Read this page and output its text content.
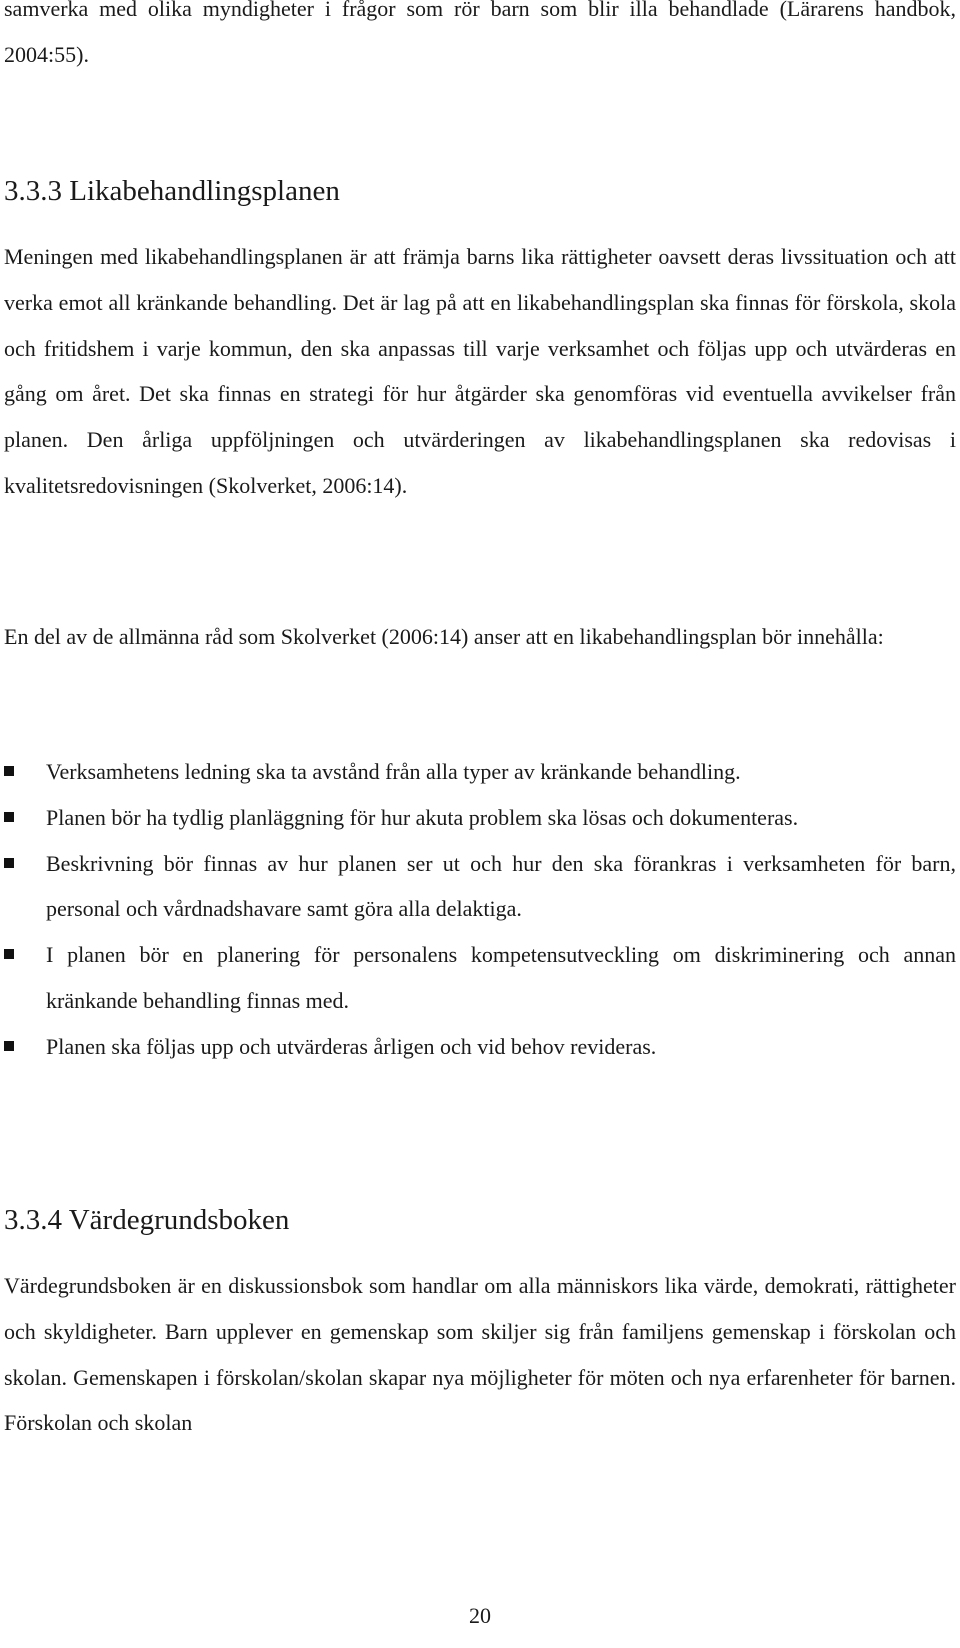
samverka med olika myndigheter i frågor som rör barn som blir illa behandlade (Lärarens handbok, 2004:55).

3.3.3 Likabehandlingsplanen

Meningen med likabehandlingsplanen är att främja barns lika rättigheter oavsett deras livssituation och att verka emot all kränkande behandling. Det är lag på att en likabehandlingsplan ska finnas för förskola, skola och fritidshem i varje kommun, den ska anpassas till varje verksamhet och följas upp och utvärderas en gång om året. Det ska finnas en strategi för hur åtgärder ska genomföras vid eventuella avvikelser från planen. Den årliga uppföljningen och utvärderingen av likabehandlingsplanen ska redovisas i kvalitetsredovisningen (Skolverket, 2006:14).

En del av de allmänna råd som Skolverket (2006:14) anser att en likabehandlingsplan bör innehålla:

Verksamhetens ledning ska ta avstånd från alla typer av kränkande behandling.
Planen bör ha tydlig planläggning för hur akuta problem ska lösas och dokumenteras.
Beskrivning bör finnas av hur planen ser ut och hur den ska förankras i verksamheten för barn, personal och vårdnadshavare samt göra alla delaktiga.
I planen bör en planering för personalens kompetensutveckling om diskriminering och annan kränkande behandling finnas med.
Planen ska följas upp och utvärderas årligen och vid behov revideras.
3.3.4 Värdegrundsboken

Värdegrundsboken är en diskussionsbok som handlar om alla människors lika värde, demokrati, rättigheter och skyldigheter. Barn upplever en gemenskap som skiljer sig från familjens gemenskap i förskolan och skolan. Gemenskapen i förskolan/skolan skapar nya möjligheter för möten och nya erfarenheter för barnen. Förskolan och skolan

20
